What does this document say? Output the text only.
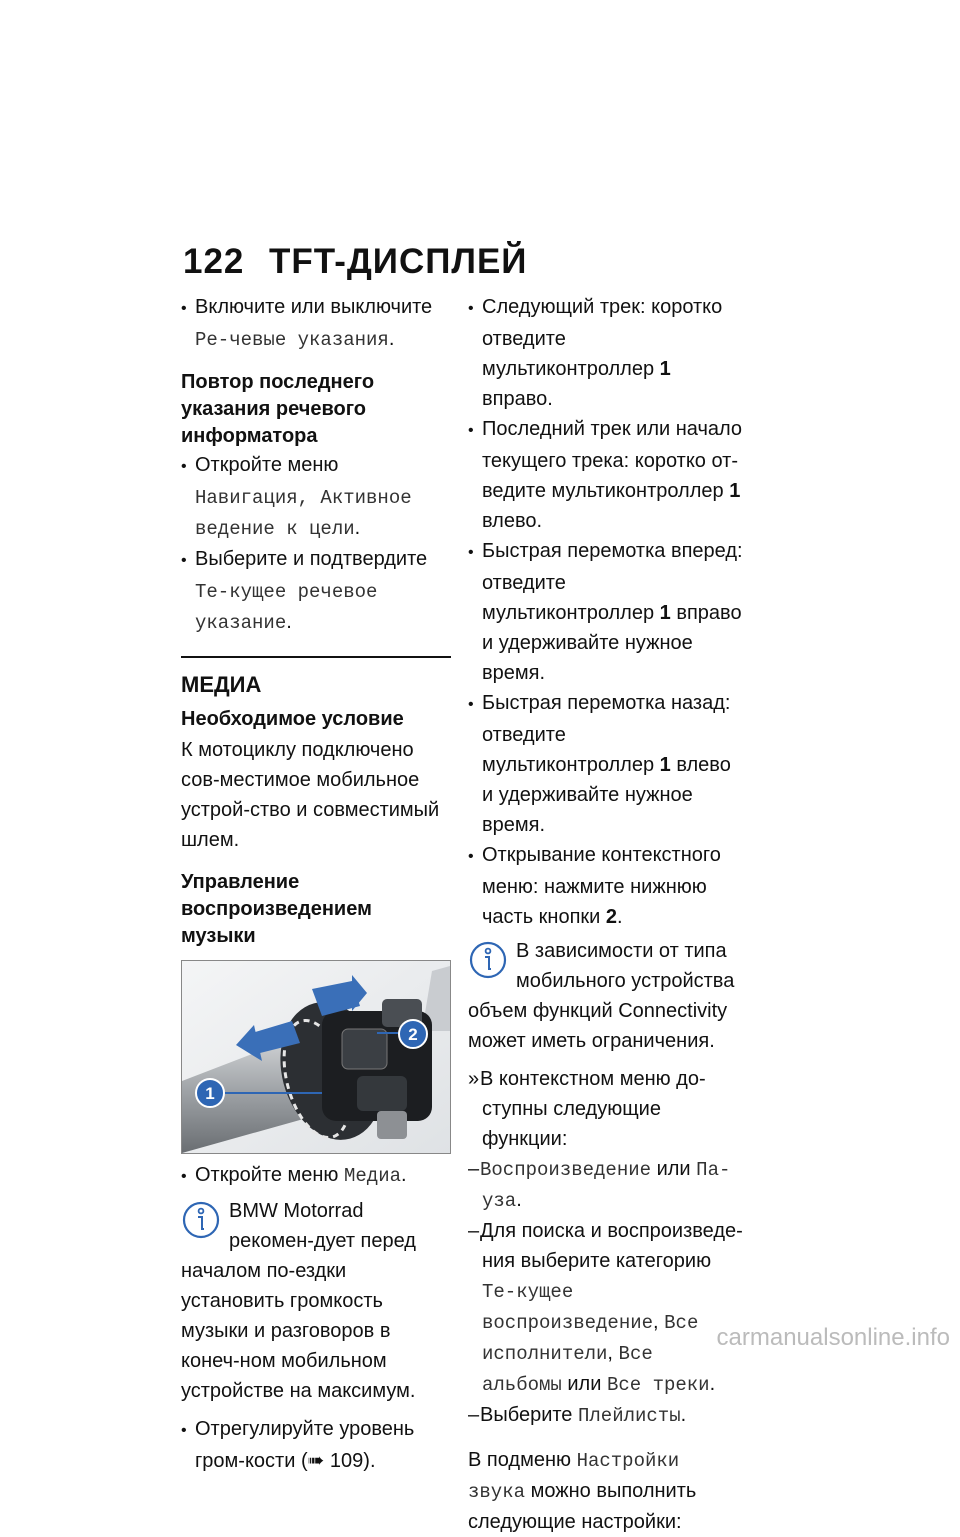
122 TFT-ДИСПЛЕЙ

• Включите или выключите Ре-чевые указания.

Повтор последнего указания речевого информатора

• Откройте меню Навигация, Активное ведение к цели.

• Выберите и подтвердите Те-кущее речевое указание.

МЕДИА

Необходимое условие

К мотоциклу подключено сов-местимое мобильное устрой-ство и совместимый шлем.

Управление воспроизведением музыки

2
1

• Откройте меню Медиа.

BMW Motorrad рекомен-дует перед началом по-ездки установить громкость музыки и разговоров в конеч-ном мобильном устройстве на максимум.

• Отрегулируйте уровень гром-кости (➠ 109).

• Следующий трек: коротко отведите мультиконтроллер 1 вправо.

• Последний трек или начало текущего трека: коротко от-ведите мультиконтроллер 1 влево.

• Быстрая перемотка вперед: отведите мультиконтроллер 1 вправо и удерживайте нужное время.

• Быстрая перемотка назад: отведите мультиконтроллер 1 влево и удерживайте нужное время.

• Открывание контекстного меню: нажмите нижнюю часть кнопки 2.

В зависимости от типа мобильного устройства объем функций Connectivity может иметь ограничения.

»В контекстном меню до-ступны следующие функции:

–Воспроизведение или Па-уза.

–Для поиска и воспроизведе-ния выберите категорию Те-кущее воспроизведение, Все исполнители, Все альбомы или Все треки.

–Выберите Плейлисты.

В подменю Настройки звука можно выполнить следующие настройки:

carmanualsonline.info
